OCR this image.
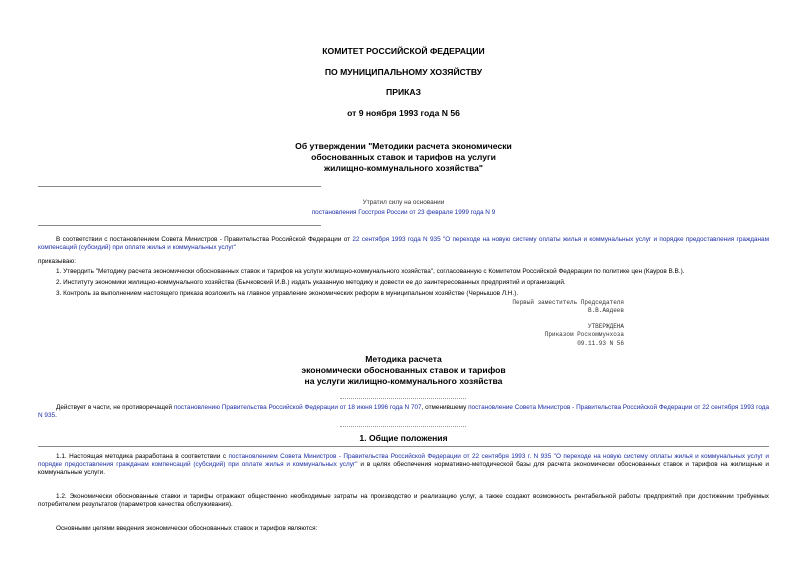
КОМИТЕТ РОССИЙСКОЙ ФЕДЕРАЦИИ
ПО МУНИЦИПАЛЬНОМУ ХОЗЯЙСТВУ
ПРИКАЗ
от 9 ноября 1993 года N 56
Об утверждении "Методики расчета экономически
обоснованных ставок и тарифов на услуги
жилищно-коммунального хозяйства"
Утратил силу на основании
постановления Госстроя России от 23 февраля 1999 года N 9
В соответствии с постановлением Совета Министров - Правительства Российской Федерации от 22 сентября 1993 года N 935 "О переходе на новую систему оплаты жилья и коммунальных услуг и порядке предоставления гражданам компенсаций (субсидий) при оплате жилья и коммунальных услуг"
приказываю:
1. Утвердить "Методику расчета экономически обоснованных ставок и тарифов на услуги жилищно-коммунального хозяйства", согласованную с Комитетом Российской Федерации по политике цен (Кауров В.В.).
2. Институту экономики жилищно-коммунального хозяйства (Бычковский И.В.) издать указанную методику и довести ее до заинтересованных предприятий и организаций.
3. Контроль за выполнением настоящего приказа возложить на главное управление экономических реформ в муниципальном хозяйстве (Чернышов Л.Н.).
Первый заместитель Председателя
В.В.Авдеев
УТВЕРЖДЕНА
Приказом Роскоммунхоза
09.11.93 N 56
Методика расчета
экономически обоснованных ставок и тарифов
на услуги жилищно-коммунального хозяйства
Действует в части, не противоречащей постановлению Правительства Российской Федерации от 18 июня 1996 года N 707, отменившему постановление Совета Министров - Правительства Российской Федерации от 22 сентября 1993 года N 935.
1. Общие положения
1.1. Настоящая методика разработана в соответствии с постановлением Совета Министров - Правительства Российской Федерации от 22 сентября 1993 г. N 935 "О переходе на новую систему оплаты жилья и коммунальных услуг и порядке предоставления гражданам компенсаций (субсидий) при оплате жилья и коммунальных услуг" и в целях обеспечения нормативно-методической базы для расчета экономически обоснованных ставок и тарифов на жилищные и коммунальные услуги.
1.2. Экономически обоснованные ставки и тарифы отражают общественно необходимые затраты на производство и реализацию услуг, а также создают возможность рентабельной работы предприятий при достижении требуемых потребителем результатов (параметров качества обслуживания).
Основными целями введения экономически обоснованных ставок и тарифов являются:
